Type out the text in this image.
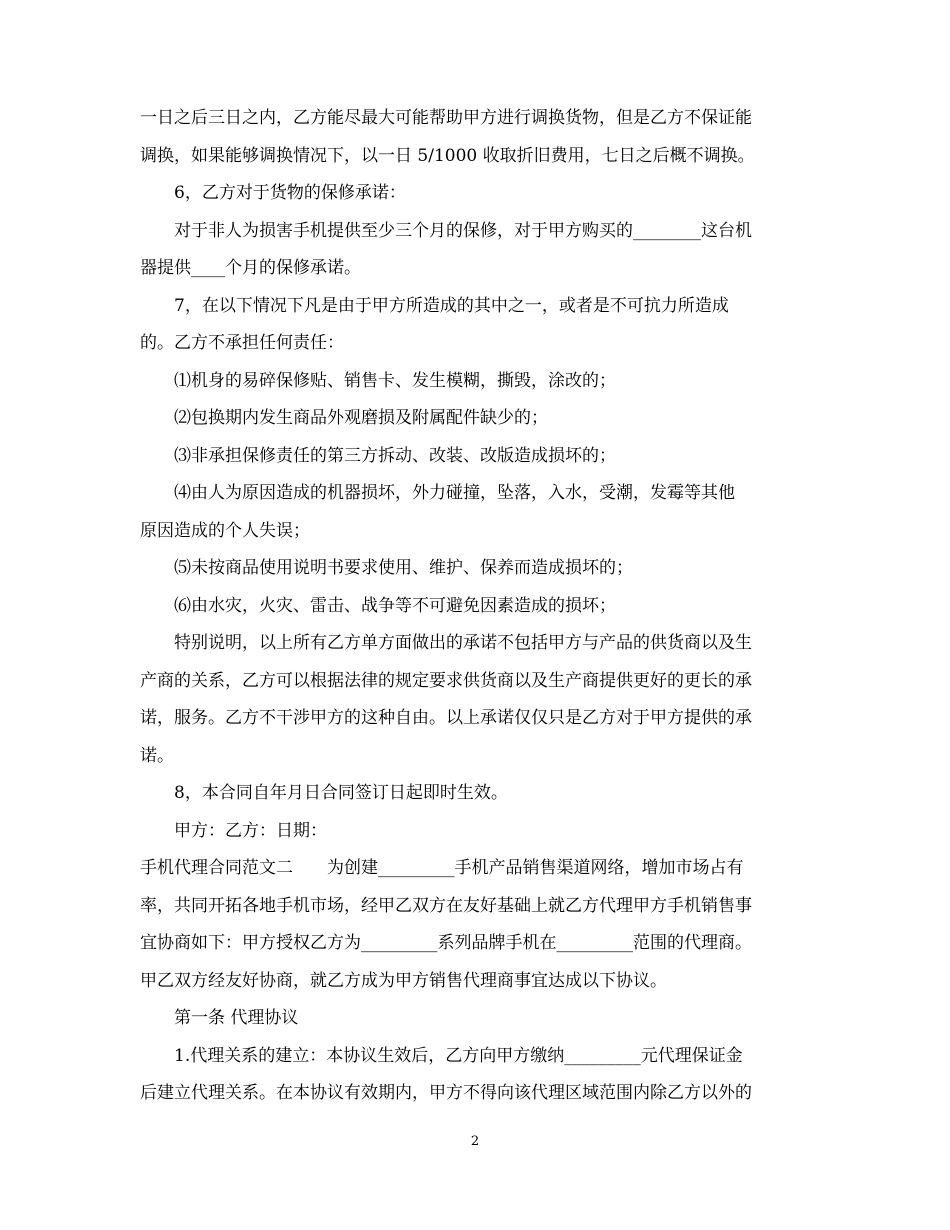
一日之后三日之内，乙方能尽最大可能帮助甲方进行调换货物，但是乙方不保证能
调换，如果能够调换情况下，以一日 5/1000 收取折旧费用，七日之后概不调换。
6，乙方对于货物的保修承诺：
对于非人为损害手机提供至少三个月的保修，对于甲方购买的________这台机
器提供____个月的保修承诺。
7，在以下情况下凡是由于甲方所造成的其中之一，或者是不可抗力所造成
的。乙方不承担任何责任：
⑴机身的易碎保修贴、销售卡、发生模糊，撕毁，涂改的；
⑵包换期内发生商品外观磨损及附属配件缺少的；
⑶非承担保修责任的第三方拆动、改装、改版造成损坏的；
⑷由人为原因造成的机器损坏，外力碰撞，坠落，入水，受潮，发霉等其他
原因造成的个人失误；
⑸未按商品使用说明书要求使用、维护、保养而造成损坏的；
⑹由水灾，火灾、雷击、战争等不可避免因素造成的损坏；
特别说明，以上所有乙方单方面做出的承诺不包括甲方与产品的供货商以及生
产商的关系，乙方可以根据法律的规定要求供货商以及生产商提供更好的更长的承
诺，服务。乙方不干涉甲方的这种自由。以上承诺仅仅只是乙方对于甲方提供的承
诺。
8，本合同自年月日合同签订日起即时生效。
甲方：乙方：日期：
手机代理合同范文二　　为创建_________手机产品销售渠道网络，增加市场占有
率，共同开拓各地手机市场，经甲乙双方在友好基础上就乙方代理甲方手机销售事
宜协商如下：甲方授权乙方为_________系列品牌手机在_________范围的代理商。
甲乙双方经友好协商，就乙方成为甲方销售代理商事宜达成以下协议。
第一条 代理协议
1.代理关系的建立：本协议生效后，乙方向甲方缴纳_________元代理保证金
后建立代理关系。在本协议有效期内，甲方不得向该代理区域范围内除乙方以外的
2
